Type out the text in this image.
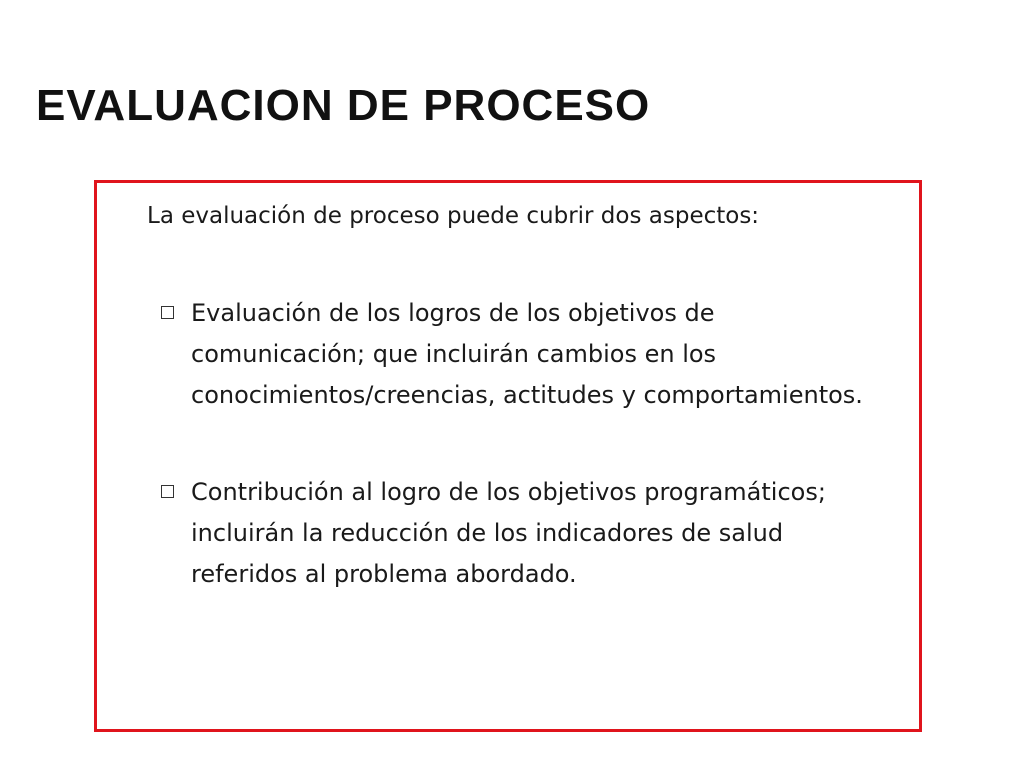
EVALUACION DE PROCESO

La evaluación de proceso puede cubrir dos aspectos:

Evaluación de los logros de los objetivos de comunicación; que incluirán cambios en los conocimientos/creencias, actitudes y comportamientos.
Contribución al logro de los objetivos programáticos; incluirán la reducción de los indicadores de salud referidos al problema abordado.
